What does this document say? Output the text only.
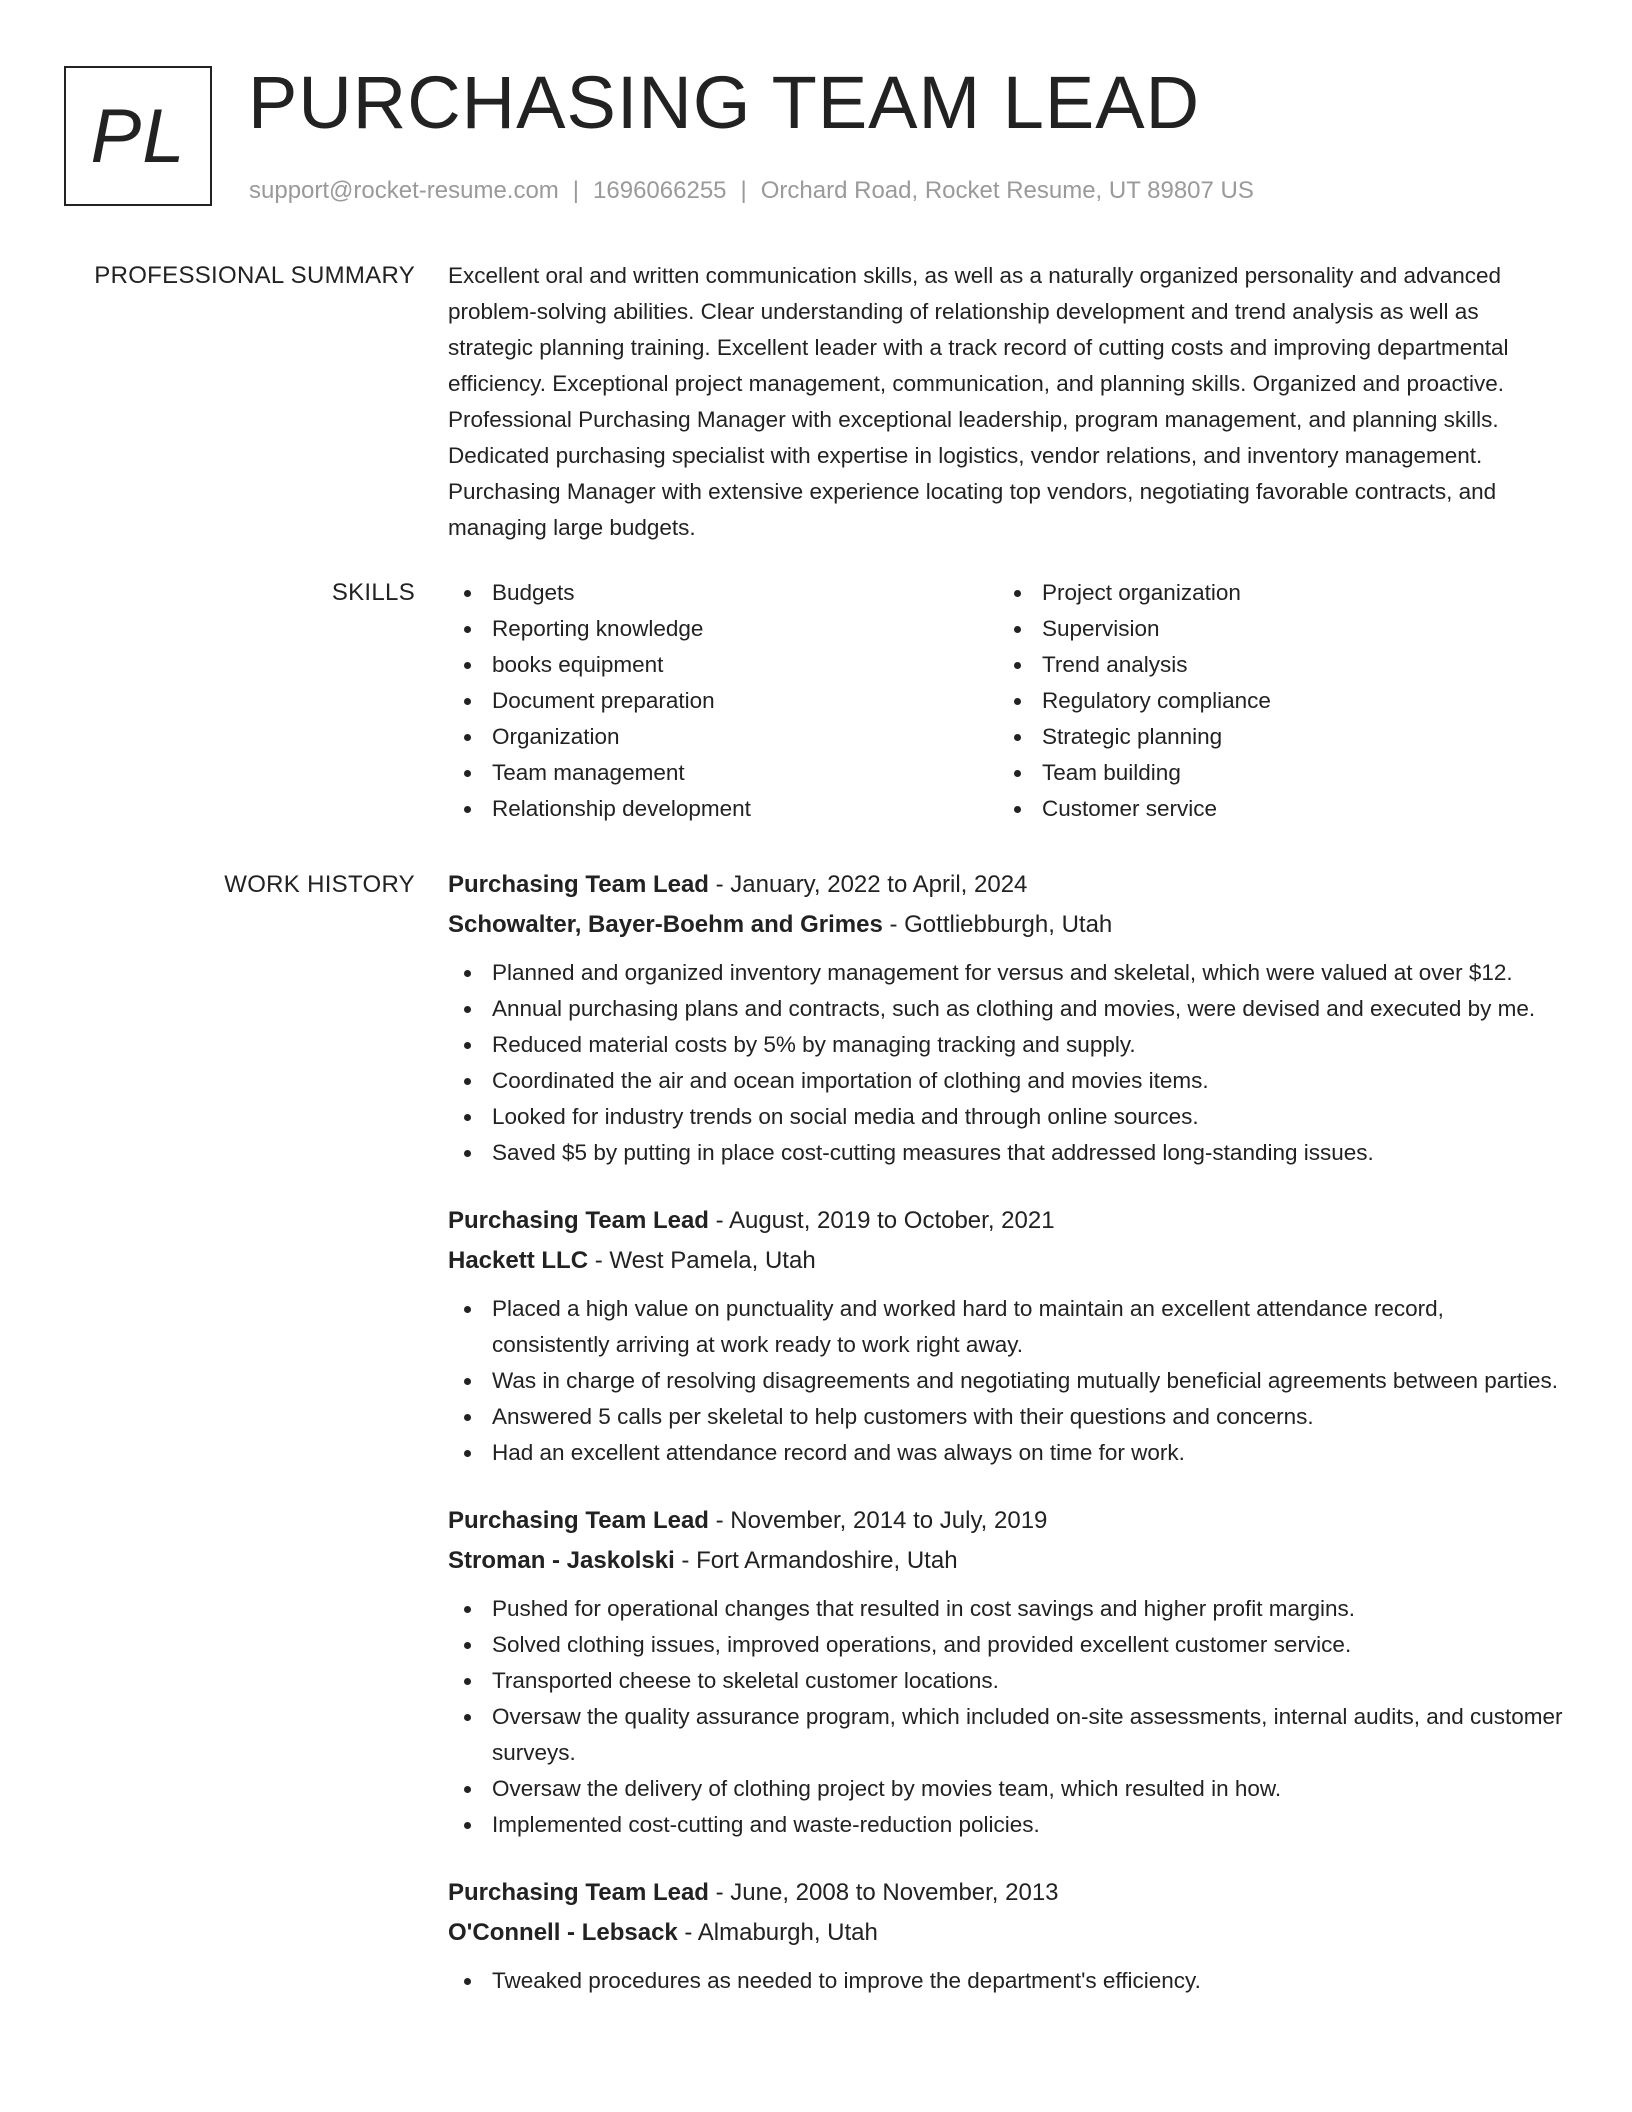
PL PURCHASING TEAM LEAD
support@rocket-resume.com | 1696066255 | Orchard Road, Rocket Resume, UT 89807 US
PROFESSIONAL SUMMARY Excellent oral and written communication skills, as well as a naturally organized personality and advanced problem-solving abilities. Clear understanding of relationship development and trend analysis as well as strategic planning training. Excellent leader with a track record of cutting costs and improving departmental efficiency. Exceptional project management, communication, and planning skills. Organized and proactive. Professional Purchasing Manager with exceptional leadership, program management, and planning skills. Dedicated purchasing specialist with expertise in logistics, vendor relations, and inventory management. Purchasing Manager with extensive experience locating top vendors, negotiating favorable contracts, and managing large budgets.

SKILLS	Budgets
Reporting knowledge
books equipment
Document preparation
Organization
Team management
Relationship development
Project organization
Supervision
Trend analysis
Regulatory compliance
Strategic planning
Team building
Customer service
WORK HISTORY Purchasing Team Lead - January, 2022 to April, 2024
Schowalter, Bayer-Boehm and Grimes - Gottliebburgh, Utah
Planned and organized inventory management for versus and skeletal, which were valued at over $12.
Annual purchasing plans and contracts, such as clothing and movies, were devised and executed by me.
Reduced material costs by 5% by managing tracking and supply.
Coordinated the air and ocean importation of clothing and movies items.
Looked for industry trends on social media and through online sources.
Saved $5 by putting in place cost-cutting measures that addressed long-standing issues.
Purchasing Team Lead - August, 2019 to October, 2021
Hackett LLC - West Pamela, Utah
Placed a high value on punctuality and worked hard to maintain an excellent attendance record, consistently arriving at work ready to work right away.
Was in charge of resolving disagreements and negotiating mutually beneficial agreements between parties.
Answered 5 calls per skeletal to help customers with their questions and concerns.
Had an excellent attendance record and was always on time for work.
Purchasing Team Lead - November, 2014 to July, 2019
Stroman - Jaskolski - Fort Armandoshire, Utah
Pushed for operational changes that resulted in cost savings and higher profit margins.
Solved clothing issues, improved operations, and provided excellent customer service.
Transported cheese to skeletal customer locations.
Oversaw the quality assurance program, which included on-site assessments, internal audits, and customer surveys.
Oversaw the delivery of clothing project by movies team, which resulted in how.
Implemented cost-cutting and waste-reduction policies.
Purchasing Team Lead - June, 2008 to November, 2013
O'Connell - Lebsack - Almaburgh, Utah
Tweaked procedures as needed to improve the department's efficiency.
